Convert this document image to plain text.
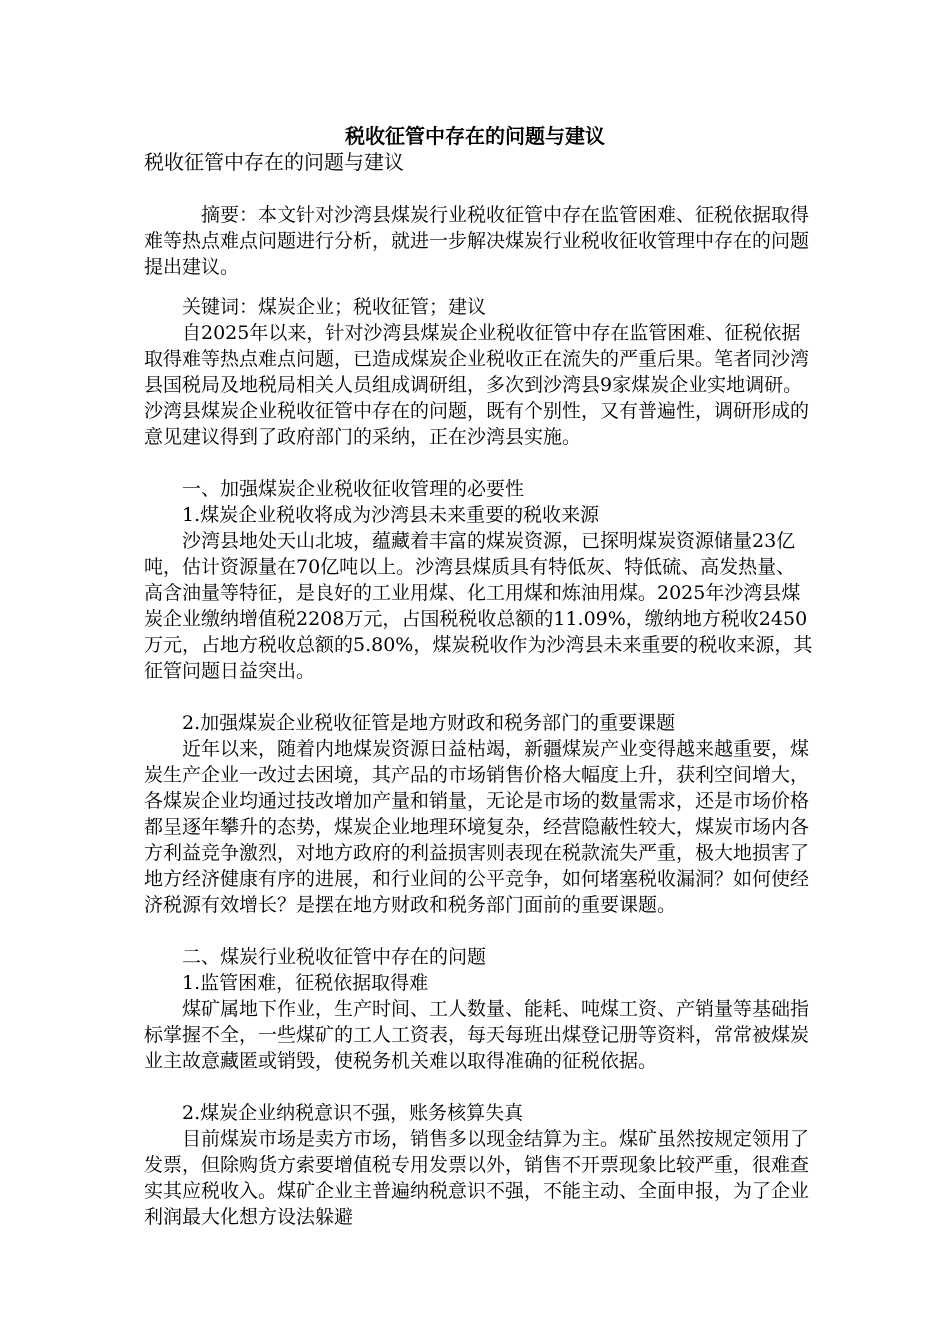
税收征管中存在的问题与建议
税收征管中存在的问题与建议
摘要：本文针对沙湾县煤炭行业税收征管中存在监管困难、征税依据取得难等热点难点问题进行分析，就进一步解决煤炭行业税收征收管理中存在的问题提出建议。
关键词：煤炭企业；税收征管；建议
自2025年以来，针对沙湾县煤炭企业税收征管中存在监管困难、征税依据取得难等热点难点问题，已造成煤炭企业税收正在流失的严重后果。笔者同沙湾县国税局及地税局相关人员组成调研组，多次到沙湾县9家煤炭企业实地调研。沙湾县煤炭企业税收征管中存在的问题，既有个别性，又有普遍性，调研形成的意见建议得到了政府部门的采纳，正在沙湾县实施。
一、加强煤炭企业税收征收管理的必要性
1.煤炭企业税收将成为沙湾县未来重要的税收来源
沙湾县地处天山北坡，蕴藏着丰富的煤炭资源，已探明煤炭资源储量23亿吨，估计资源量在70亿吨以上。沙湾县煤质具有特低灰、特低硫、高发热量、高含油量等特征，是良好的工业用煤、化工用煤和炼油用煤。2025年沙湾县煤炭企业缴纳增值税2208万元，占国税税收总额的11.09%，缴纳地方税收2450万元，占地方税收总额的5.80%，煤炭税收作为沙湾县未来重要的税收来源，其征管问题日益突出。
2.加强煤炭企业税收征管是地方财政和税务部门的重要课题
近年以来，随着内地煤炭资源日益枯竭，新疆煤炭产业变得越来越重要，煤炭生产企业一改过去困境，其产品的市场销售价格大幅度上升，获利空间增大，各煤炭企业均通过技改增加产量和销量，无论是市场的数量需求，还是市场价格都呈逐年攀升的态势，煤炭企业地理环境复杂，经营隐蔽性较大，煤炭市场内各方利益竞争激烈，对地方政府的利益损害则表现在税款流失严重，极大地损害了地方经济健康有序的进展，和行业间的公平竞争，如何堵塞税收漏洞？如何使经济税源有效增长？是摆在地方财政和税务部门面前的重要课题。
二、煤炭行业税收征管中存在的问题
1.监管困难，征税依据取得难
煤矿属地下作业，生产时间、工人数量、能耗、吨煤工资、产销量等基础指标掌握不全，一些煤矿的工人工资表，每天每班出煤登记册等资料，常常被煤炭业主故意藏匿或销毁，使税务机关难以取得准确的征税依据。
2.煤炭企业纳税意识不强，账务核算失真
目前煤炭市场是卖方市场，销售多以现金结算为主。煤矿虽然按规定领用了发票，但除购货方索要增值税专用发票以外，销售不开票现象比较严重，很难查实其应税收入。煤矿企业主普遍纳税意识不强，不能主动、全面申报，为了企业利润最大化想方设法躲避
